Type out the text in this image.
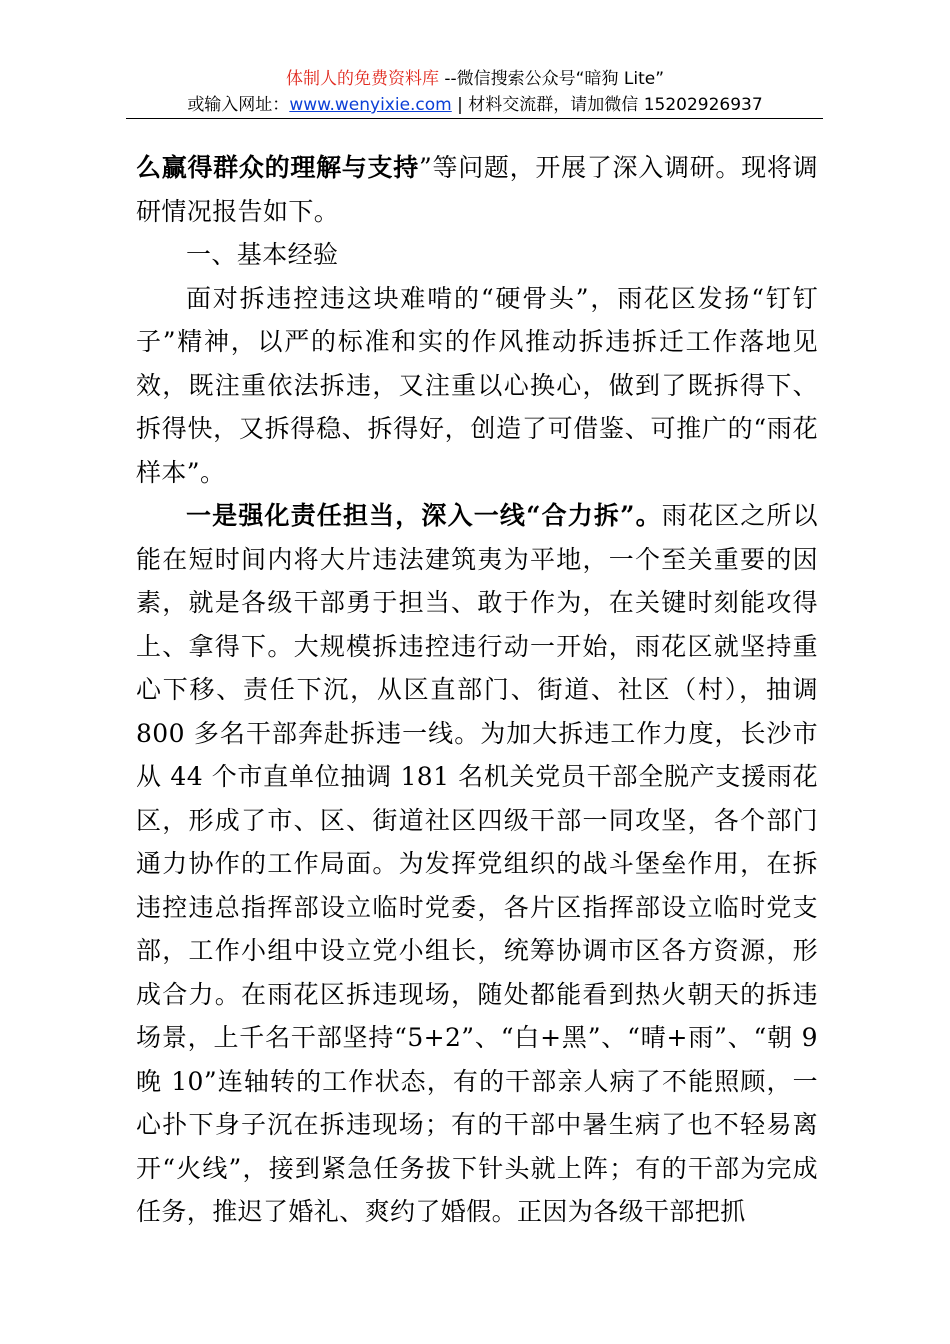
体制人的免费资料库 --微信搜索公众号“暗狗 Lite”
或输入网址：www.wenyixie.com | 材料交流群，请加微信 15202926937

么赢得群众的理解与支持”等问题，开展了深入调研。现将调研情况报告如下。

一、基本经验

面对拆违控违这块难啃的“硬骨头”，雨花区发扬“钉钉子”精神，以严的标准和实的作风推动拆违拆迁工作落地见效，既注重依法拆违，又注重以心换心，做到了既拆得下、拆得快，又拆得稳、拆得好，创造了可借鉴、可推广的“雨花样本”。

一是强化责任担当，深入一线“合力拆”。雨花区之所以能在短时间内将大片违法建筑夷为平地，一个至关重要的因素，就是各级干部勇于担当、敢于作为，在关键时刻能攻得上、拿得下。大规模拆违控违行动一开始，雨花区就坚持重心下移、责任下沉，从区直部门、街道、社区（村），抽调 800 多名干部奔赴拆违一线。为加大拆违工作力度，长沙市从 44 个市直单位抽调 181 名机关党员干部全脱产支援雨花区，形成了市、区、街道社区四级干部一同攻坚，各个部门通力协作的工作局面。为发挥党组织的战斗堡垒作用，在拆违控违总指挥部设立临时党委，各片区指挥部设立临时党支部，工作小组中设立党小组长，统筹协调市区各方资源，形成合力。在雨花区拆违现场，随处都能看到热火朝天的拆违场景，上千名干部坚持“5+2”、“白+黑”、“晴+雨”、“朝 9 晚 10”连轴转的工作状态，有的干部亲人病了不能照顾，一心扑下身子沉在拆违现场；有的干部中暑生病了也不轻易离开“火线”，接到紧急任务拔下针头就上阵；有的干部为完成任务，推迟了婚礼、爽约了婚假。正因为各级干部把抓
